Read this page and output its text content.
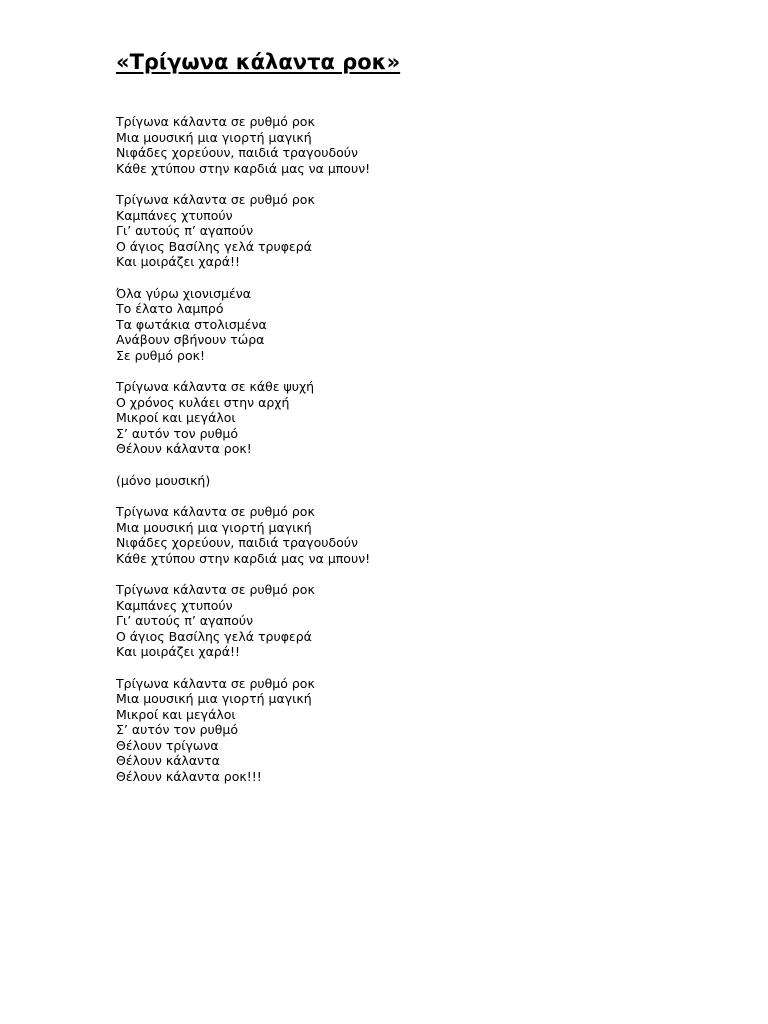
«Τρίγωνα κάλαντα ροκ»
Τρίγωνα κάλαντα σε ρυθμό ροκ
Μια μουσική μια γιορτή μαγική
Νιφάδες χορεύουν, παιδιά τραγουδούν
Κάθε χτύπου στην καρδιά μας να μπουν!
Τρίγωνα κάλαντα σε ρυθμό ροκ
Καμπάνες χτυπούν
Γι’ αυτούς π’ αγαπούν
Ο άγιος Βασίλης γελά τρυφερά
Και μοιράζει χαρά!!
Όλα γύρω χιονισμένα
Το έλατο λαμπρό
Τα φωτάκια στολισμένα
Ανάβουν σβήνουν τώρα
Σε ρυθμό ροκ!
Τρίγωνα κάλαντα σε κάθε ψυχή
Ο χρόνος κυλάει στην αρχή
Μικροί και μεγάλοι
Σ’ αυτόν τον ρυθμό
Θέλουν κάλαντα ροκ!
(μόνο μουσική)
Τρίγωνα κάλαντα σε ρυθμό ροκ
Μια μουσική μια γιορτή μαγική
Νιφάδες χορεύουν, παιδιά τραγουδούν
Κάθε χτύπου στην καρδιά μας να μπουν!
Τρίγωνα κάλαντα σε ρυθμό ροκ
Καμπάνες χτυπούν
Γι’ αυτούς π’ αγαπούν
Ο άγιος Βασίλης γελά τρυφερά
Και μοιράζει χαρά!!
Τρίγωνα κάλαντα σε ρυθμό ροκ
Μια μουσική μια γιορτή μαγική
Μικροί και μεγάλοι
Σ’ αυτόν τον ρυθμό
Θέλουν τρίγωνα
Θέλουν κάλαντα
Θέλουν κάλαντα ροκ!!!
